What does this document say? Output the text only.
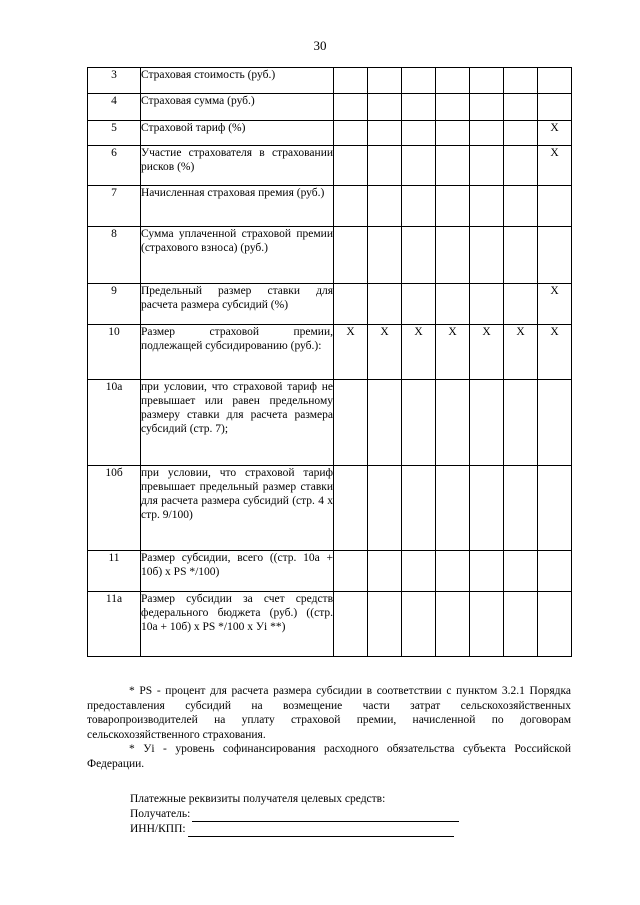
30
3	Страховая стоимость (руб.)							
4	Страховая сумма (руб.)							
5	Страховой тариф (%)							X
6	Участие страхователя в страховании рисков (%)							X
7	Начисленная страховая премия (руб.)							
8	Сумма уплаченной страховой премии (страхового взноса) (руб.)							
9	Предельный размер ставки для расчета размера субсидий (%)							X
10	Размер страховой премии, подлежащей субсидированию (руб.):	X	X	X	X	X	X	X
10а	при условии, что страховой тариф не превышает или равен предельному размеру ставки для расчета размера субсидий (стр. 7);							
10б	при условии, что страховой тариф превышает предельный размер ставки для расчета размера субсидий (стр. 4 х стр. 9/100)							
11	Размер субсидии, всего ((стр. 10а + 10б) х PS */100)							
11а	Размер субсидии за счет средств федерального бюджета (руб.) ((стр. 10а + 10б) х PS */100 х Уi **)							

* PS - процент для расчета размера субсидии в соответствии с пунктом 3.2.1 Порядка предоставления субсидий на возмещение части затрат сельскохозяйственных товаропроизводителей на уплату страховой премии, начисленной по договорам сельскохозяйственного страхования.

* Уi - уровень софинансирования расходного обязательства субъекта Российской Федерации.

Платежные реквизиты получателя целевых средств:
Получатель:
ИНН/КПП:
